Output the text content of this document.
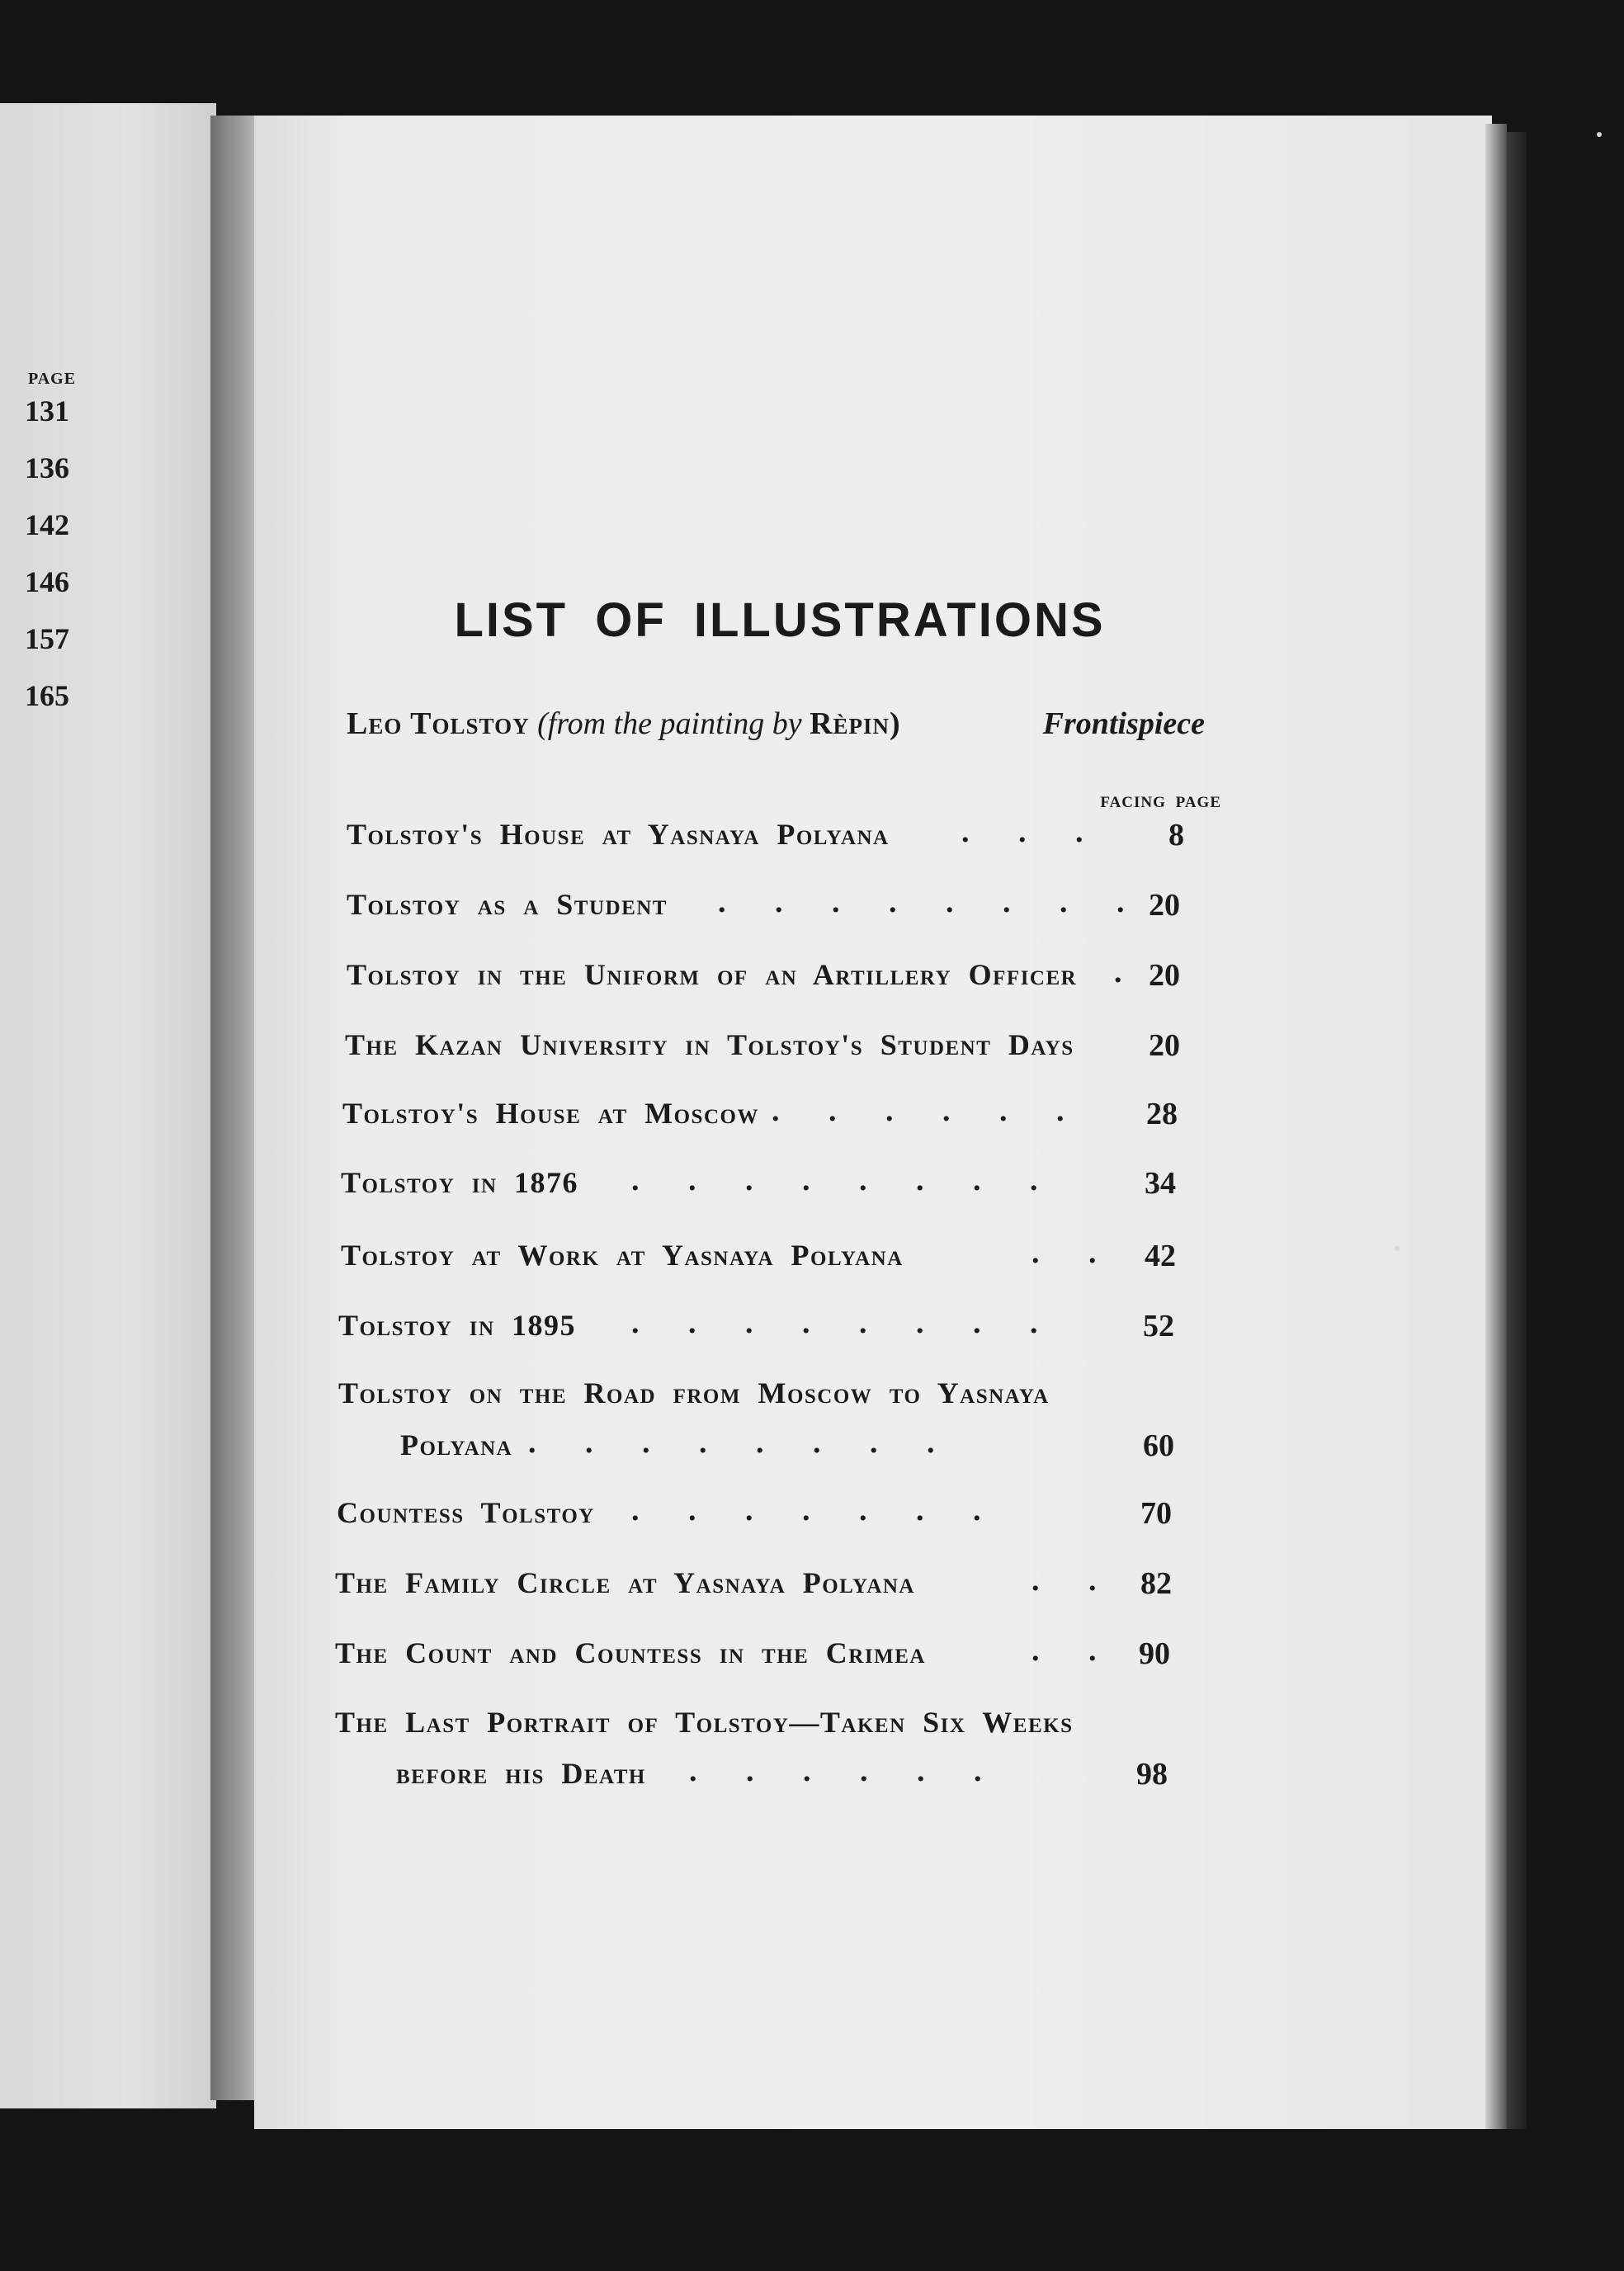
PAGE
131
136
142
146
157
165
LIST OF ILLUSTRATIONS
Leo Tolstoy (from the painting by Rèpin)	Frontispiece
FACING PAGE
Tolstoy's House at Yasnaya Polyana .     .     .	8
Tolstoy as a Student .     .     .     .     .     .     .     . 20
Tolstoy in the Uniform of an Artillery Officer . 20
The Kazan University in Tolstoy's Student Days	20
Tolstoy's House at Moscow .     .     .     .     .     .	28
Tolstoy in 1876 .     .     .     .     .     .     .     .	34
Tolstoy at Work at Yasnaya Polyana	.     .	42
Tolstoy in 1895 .     .     .     .     .     .     .     .	52
Tolstoy on the Road from Moscow to Yasnaya
Polyana .     .     .     .     .     .     .     .	60
Countess Tolstoy .     .     .     .     .     .     .	70
The Family Circle at Yasnaya Polyana	.     .	82
The Count and Countess in the Crimea	.     .	90
The Last Portrait of Tolstoy—Taken Six Weeks
before his Death .     .     .     .     .     .	98
